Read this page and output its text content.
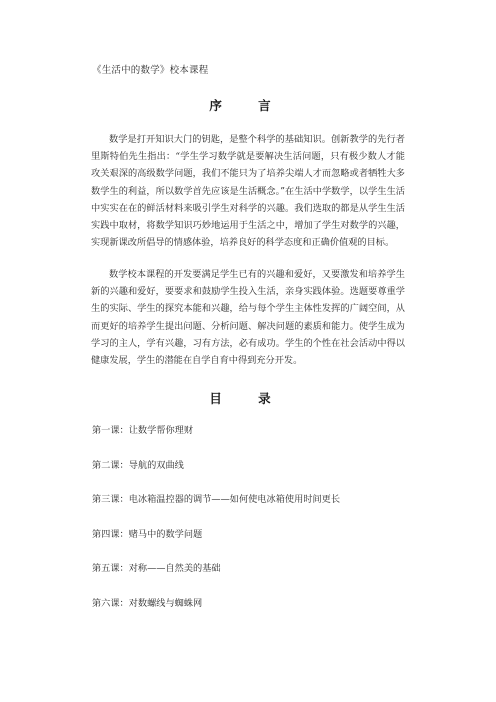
《生活中的数学》校本课程
序 言

数学是打开知识大门的钥匙，是整个科学的基础知识。创新教学的先行者里斯特伯先生指出：“学生学习数学就是要解决生活问题，只有极少数人才能攻关艰深的高级数学问题，我们不能只为了培养尖端人才而忽略或者牺牲大多数学生的利益，所以数学首先应该是生活概念。”在生活中学数学，以学生生活中实实在在的鲜活材料来吸引学生对科学的兴趣。我们选取的都是从学生生活实践中取材，将数学知识巧妙地运用于生活之中，增加了学生对数学的兴趣，实现新课改所倡导的情感体验，培养良好的科学态度和正确价值观的目标。

数学校本课程的开发要满足学生已有的兴趣和爱好，又要激发和培养学生新的兴趣和爱好，要要求和鼓励学生投入生活，亲身实践体验。选题要尊重学生的实际、学生的探究本能和兴趣，给与每个学生主体性发挥的广阔空间，从而更好的培养学生提出问题、分析问题、解决问题的素质和能力。使学生成为学习的主人，学有兴趣，习有方法，必有成功。学生的个性在社会活动中得以健康发展，学生的潜能在自学自育中得到充分开发。

目 录
第一课：让数学帮你理财
第二课：导航的双曲线
第三课：电冰箱温控器的调节——如何使电冰箱使用时间更长
第四课：赌马中的数学问题
第五课：对称——自然美的基础
第六课：对数螺线与蜘蛛网
